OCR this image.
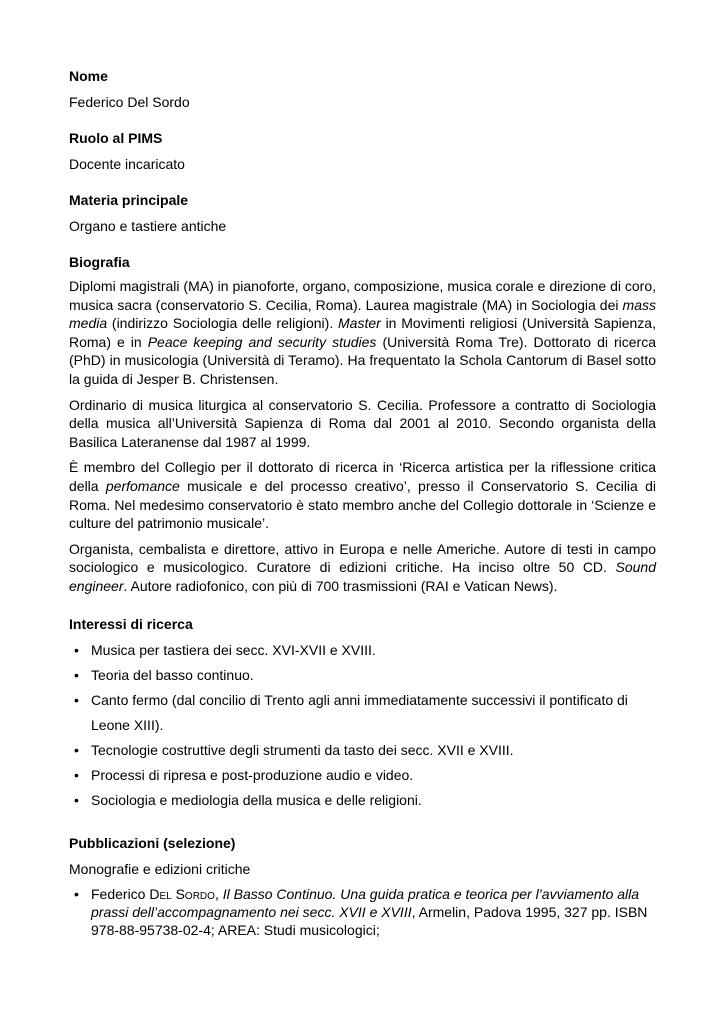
Nome

Federico Del Sordo

Ruolo al PIMS

Docente incaricato

Materia principale

Organo e tastiere antiche

Biografia

Diplomi magistrali (MA) in pianoforte, organo, composizione, musica corale e direzione di coro, musica sacra (conservatorio S. Cecilia, Roma). Laurea magistrale (MA) in Sociologia dei mass media (indirizzo Sociologia delle religioni). Master in Movimenti religiosi (Università Sapienza, Roma) e in Peace keeping and security studies (Università Roma Tre). Dottorato di ricerca (PhD) in musicologia (Università di Teramo). Ha frequentato la Schola Cantorum di Basel sotto la guida di Jesper B. Christensen.

Ordinario di musica liturgica al conservatorio S. Cecilia. Professore a contratto di Sociologia della musica all’Università Sapienza di Roma dal 2001 al 2010. Secondo organista della Basilica Lateranense dal 1987 al 1999.

È membro del Collegio per il dottorato di ricerca in ‘Ricerca artistica per la riflessione critica della perfomance musicale e del processo creativo’, presso il Conservatorio S. Cecilia di Roma. Nel medesimo conservatorio è stato membro anche del Collegio dottorale in ‘Scienze e culture del patrimonio musicale’.

Organista, cembalista e direttore, attivo in Europa e nelle Americhe. Autore di testi in campo sociologico e musicologico. Curatore di edizioni critiche. Ha inciso oltre 50 CD. Sound engineer. Autore radiofonico, con più di 700 trasmissioni (RAI e Vatican News).

Interessi di ricerca
• Musica per tastiera dei secc. XVI-XVII e XVIII.
• Teoria del basso continuo.
• Canto fermo (dal concilio di Trento agli anni immediatamente successivi il pontificato di Leone XIII).
• Tecnologie costruttive degli strumenti da tasto dei secc. XVII e XVIII.
• Processi di ripresa e post-produzione audio e video.
• Sociologia e mediologia della musica e delle religioni.
Pubblicazioni (selezione)

Monografie e edizioni critiche

• Federico Del Sordo, Il Basso Continuo. Una guida pratica e teorica per l’avviamento alla prassi dell’accompagnamento nei secc. XVII e XVIII, Armelin, Padova 1995, 327 pp. ISBN 978-88-95738-02-4; AREA: Studi musicologici;
